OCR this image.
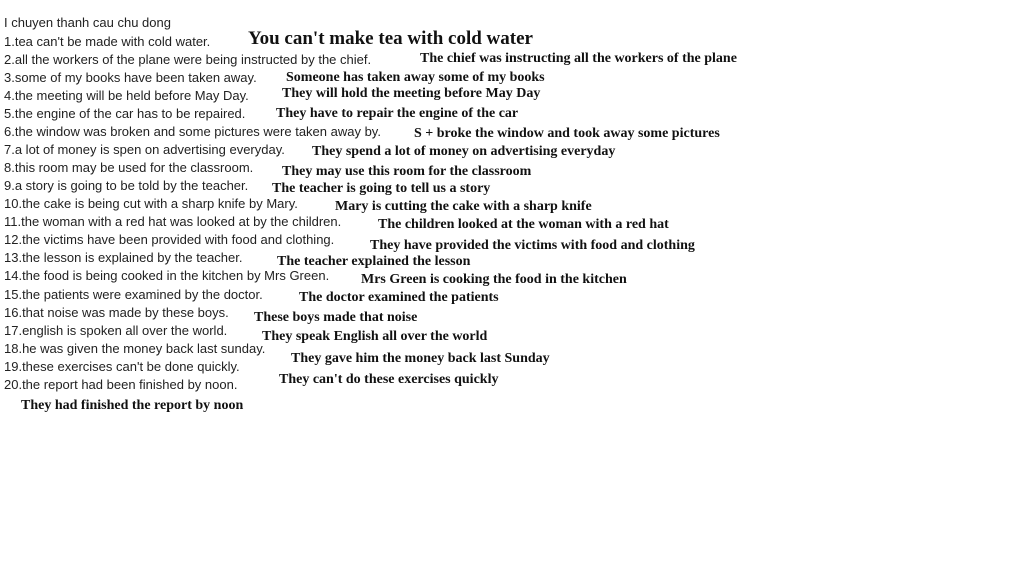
I chuyen thanh cau chu dong
1.tea can't be made with cold water.
2.all the workers of the plane were being instructed by the chief.
3.some of my books have been taken away.
4.the meeting will be held before May Day.
5.the engine of the car has to be repaired.
6.the window was broken and some pictures were taken away by.
7.a lot of money is spen on advertising everyday.
8.this room may be used for the classroom.
9.a story is going to be told by the teacher.
10.the cake is being cut with a sharp knife by Mary.
11.the woman with a red hat was looked at by the children.
12.the victims have been provided with food and clothing.
13.the lesson is explained by the teacher.
14.the food is being cooked in the kitchen by Mrs Green.
15.the patients were examined by the doctor.
16.that noise was made by these boys.
17.english is spoken all over the world.
18.he was given the money back last sunday.
19.these exercises can't be done quickly.
20.the report had been finished by noon.
You can't make tea with cold water
The chief was instructing all the workers of the plane
Someone has taken away some of my books
They will hold the meeting before May Day
They have to repair the engine of the car
S + broke the window and took away some pictures
They spend a lot of money on advertising everyday
They may use this room for the classroom
The teacher is going to tell us a story
Mary is cutting the cake with a sharp knife
The children looked at the woman with a red hat
They have provided the victims with food and clothing
The teacher explained the lesson
Mrs Green is cooking the food in the kitchen
The doctor examined the patients
These boys made that noise
They speak English all over the world
They gave him the money back last Sunday
They can't do these exercises quickly
They had finished the report by noon
